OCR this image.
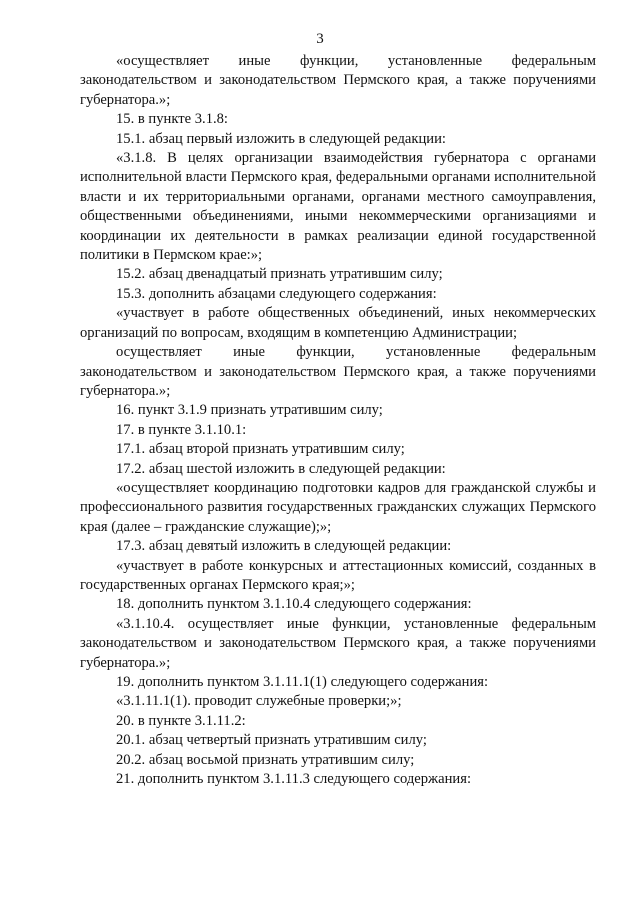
3

«осуществляет иные функции, установленные федеральным законодательством и законодательством Пермского края, а также поручениями губернатора.»;

15. в пункте 3.1.8:

15.1. абзац первый изложить в следующей редакции:

«3.1.8. В целях организации взаимодействия губернатора с органами исполнительной власти Пермского края, федеральными органами исполнительной власти и их территориальными органами, органами местного самоуправления, общественными объединениями, иными некоммерческими организациями и координации их деятельности в рамках реализации единой государственной политики в Пермском крае:»;

15.2. абзац двенадцатый признать утратившим силу;

15.3. дополнить абзацами следующего содержания:

«участвует в работе общественных объединений, иных некоммерческих организаций по вопросам, входящим в компетенцию Администрации;

осуществляет иные функции, установленные федеральным законодательством и законодательством Пермского края, а также поручениями губернатора.»;

16. пункт 3.1.9 признать утратившим силу;

17. в пункте 3.1.10.1:

17.1. абзац второй признать утратившим силу;

17.2. абзац шестой изложить в следующей редакции:

«осуществляет координацию подготовки кадров для гражданской службы и профессионального развития государственных гражданских служащих Пермского края (далее – гражданские служащие);»;

17.3. абзац девятый изложить в следующей редакции:

«участвует в работе конкурсных и аттестационных комиссий, созданных в государственных органах Пермского края;»;

18. дополнить пунктом 3.1.10.4 следующего содержания:

«3.1.10.4. осуществляет иные функции, установленные федеральным законодательством и законодательством Пермского края, а также поручениями губернатора.»;

19. дополнить пунктом 3.1.11.1(1) следующего содержания:

«3.1.11.1(1). проводит служебные проверки;»;

20. в пункте 3.1.11.2:

20.1. абзац четвертый признать утратившим силу;

20.2. абзац восьмой признать утратившим силу;

21. дополнить пунктом 3.1.11.3 следующего содержания:
